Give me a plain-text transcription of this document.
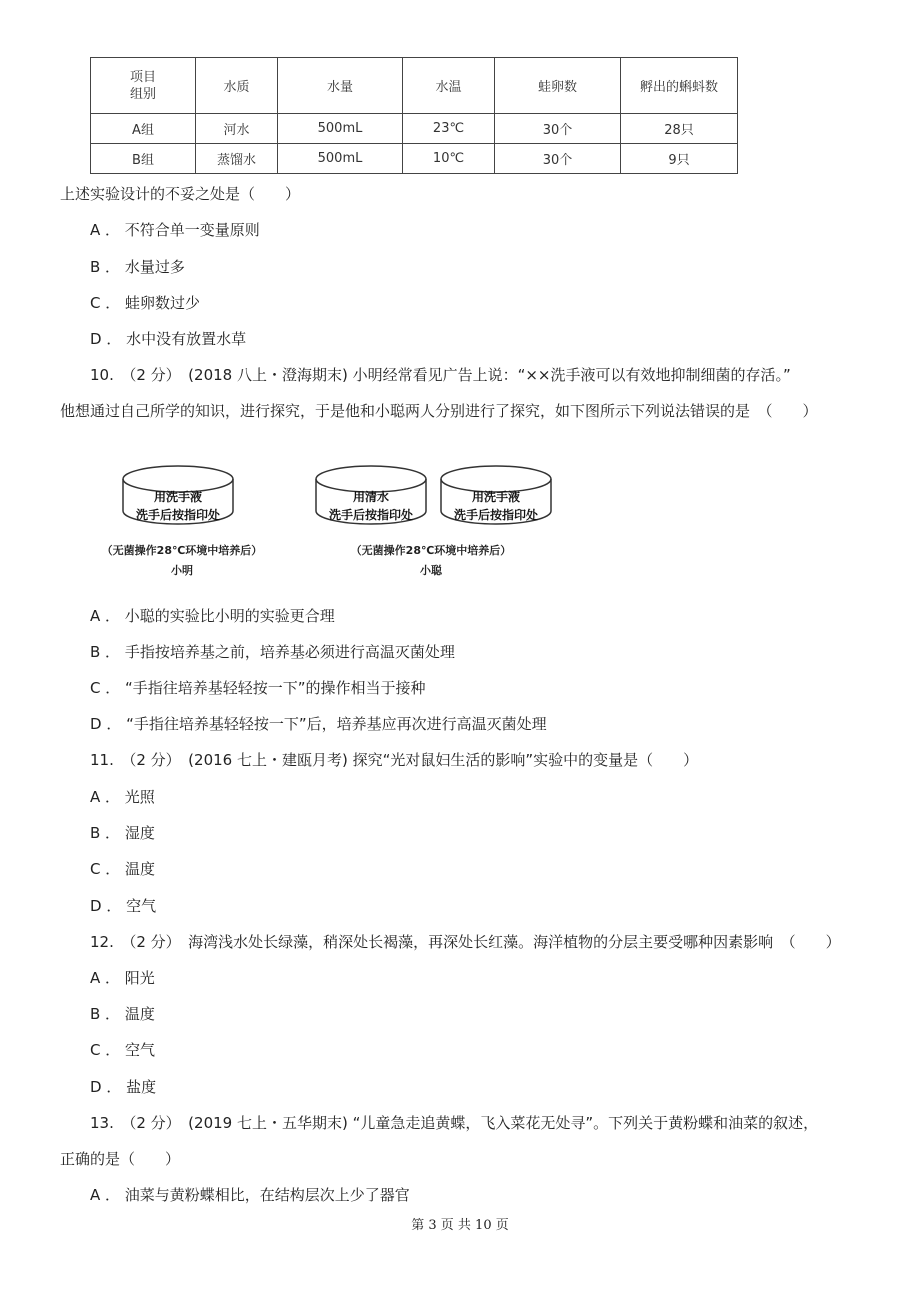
项目
组别	水质	水量	水温	蛙卵数	孵出的蝌蚪数
A组	河水	500mL	23℃	30个	28只
B组	蒸馏水	500mL	10℃	30个	9只
上述实验设计的不妥之处是（　　）
A ． 不符合单一变量原则
B ． 水量过多
C ． 蛙卵数过少
D ． 水中没有放置水草
10.　（2 分）　(2018 八上・澄海期末) 小明经常看见广告上说：“××洗手液可以有效地抑制细菌的存活。”
他想通过自己所学的知识，进行探究，于是他和小聪两人分别进行了探究，如下图所示下列说法错误的是　（　　）
用洗手液
洗手后按指印处
用清水
洗手后按指印处
用洗手液
洗手后按指印处
（无菌操作28℃环境中培养后）
小明
（无菌操作28℃环境中培养后）
小聪
A ． 小聪的实验比小明的实验更合理
B ． 手指按培养基之前，培养基必须进行高温灭菌处理
C ． “手指往培养基轻轻按一下”的操作相当于接种
D ． “手指往培养基轻轻按一下”后，培养基应再次进行高温灭菌处理
11.　（2 分）　(2016 七上・建瓯月考) 探究“光对鼠妇生活的影响”实验中的变量是（　　）
A ． 光照
B ． 湿度
C ． 温度
D ． 空气
12.　（2 分）　海湾浅水处长绿藻，稍深处长褐藻，再深处长红藻。海洋植物的分层主要受哪种因素影响　（　　）
A ． 阳光
B ． 温度
C ． 空气
D ． 盐度
13.　（2 分）　(2019 七上・五华期末) “儿童急走追黄蝶，飞入菜花无处寻”。下列关于黄粉蝶和油菜的叙述，
正确的是（　　）
A ． 油菜与黄粉蝶相比，在结构层次上少了器官
第 3 页 共 10 页
